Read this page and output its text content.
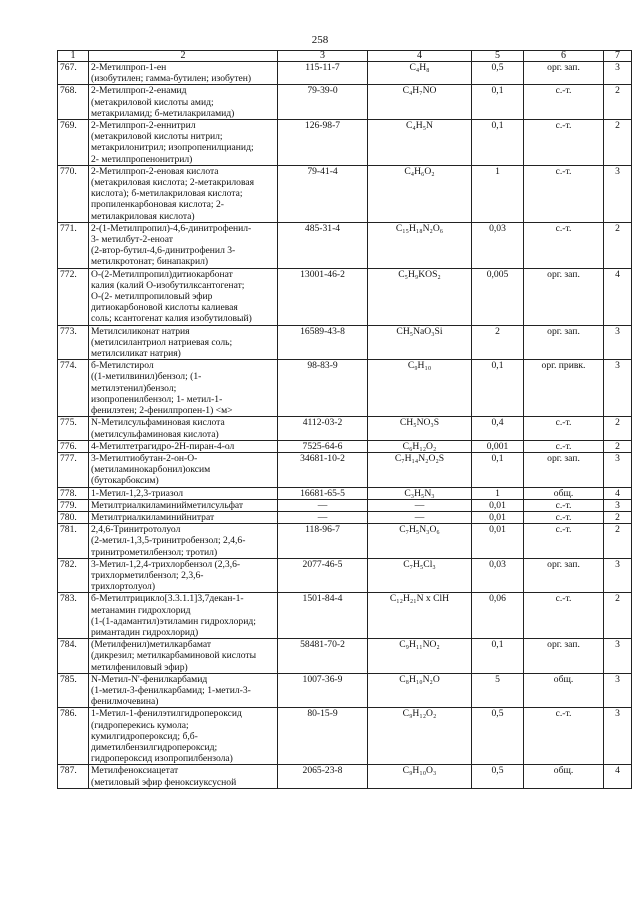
258
1	2	3	4	5	6	7
767.	2-Метилпроп-1-ен
(изобутилен; гамма-бутилен; изобутен)	115-11-7	C₄H₈	0,5	орг. зап.	3
768.	2-Метилпроп-2-енамид
(метакриловой кислоты амид;
метакриламид; б-метилакриламид)	79-39-0	C₄H₇NO	0,1	с.-т.	2
769.	2-Метилпроп-2-еннитрил
(метакриловой кислоты нитрил;
метакрилонитрил; изопропенилцианид;
2- метилпропенонитрил)	126-98-7	C₄H₅N	0,1	с.-т.	2
770.	2-Метилпроп-2-еновая кислота
(метакриловая кислота; 2-метакриловая
кислота); б-метилакриловая кислота;
пропиленкарбоновая кислота; 2-
метилакриловая кислота)	79-41-4	C₄H₆O₂	1	с.-т.	3
771.	2-(1-Метилпропил)-4,6-динитрофенил-
3- метилбут-2-еноат
(2-втор-бутил-4,6-динитрофенил 3-
метилкротонат; бинапакрил)	485-31-4	C₁₅H₁₈N₂O₆	0,03	с.-т.	2
772.	О-(2-Метилпропил)дитиокарбонат
калия (калий О-изобутилксантогенат;
О-(2- метилпропиловый эфир
дитиокарбоновой кислоты калиевая
соль; ксантогенат калия изобутиловый)	13001-46-2	C₅H₉KOS₂	0,005	орг. зап.	4
773.	Метилсиликонат натрия
(метилсилантриол натриевая соль;
метилсиликат натрия)	16589-43-8	CH₅NaO₃Si	2	орг. зап.	3
774.	б-Метилстирол
((1-метилвинил)бензол; (1-
метилэтенил)бензол;
изопропенилбензол; 1- метил-1-
фенилэтен; 2-фенилпропен-1) <м>	98-83-9	C₉H₁₀	0,1	орг. привк.	3
775.	N-Метилсульфаминовая кислота
(метилсульфаминовая кислота)	4112-03-2	CH₅NO₃S	0,4	с.-т.	2
776.	4-Метилтетрагидро-2Н-пиран-4-ол	7525-64-6	C₆H₁₂O₂	0,001	с.-т.	2
777.	3-Метилтиобутан-2-он-О-
(метиламинокарбонил)оксим
(бутокарбоксим)	34681-10-2	C₇H₁₄N₂O₂S	0,1	орг. зап.	3
778.	1-Метил-1,2,3-триазол	16681-65-5	C₃H₅N₃	1	общ.	4
779.	Метилтриалкиламинийметилсульфат	—	—	0,01	с.-т.	3
780.	Метилтриалкиламинийнитрат	—	—	0,01	с.-т.	2
781.	2,4,6-Тринитротолуол
(2-метил-1,3,5-тринитробензол; 2,4,6-
тринитрометилбензол; тротил)	118-96-7	C₇H₅N₃O₆	0,01	с.-т.	2
782.	3-Метил-1,2,4-трихлорбензол (2,3,6-
трихлорметилбензол; 2,3,6-
трихлортолуол)	2077-46-5	C₇H₅Cl₃	0,03	орг. зап.	3
783.	б-Метилтрицикло[3.3.1.1]3,7декан-1-
метанамин гидрохлорид
(1-(1-адамантил)этиламин гидрохлорид;
римантадин гидрохлорид)	1501-84-4	C₁₂H₂₁N x ClH	0,06	с.-т.	2
784.	(Метилфенил)метилкарбамат
(дикрезил; метилкарбаминовой кислоты
метилфениловый эфир)	58481-70-2	C₉H₁₁NO₂	0,1	орг. зап.	3
785.	N-Метил-N'-фенилкарбамид
(1-метил-3-фенилкарбамид; 1-метил-3-
фенилмочевина)	1007-36-9	C₈H₁₀N₂O	5	общ.	3
786.	1-Метил-1-фенилэтилгидропероксид
(гидроперекись кумола;
кумилгидропероксид; б,б-
диметилбензилгидропероксид;
гидропероксид изопропилбензола)	80-15-9	C₉H₁₂O₂	0,5	с.-т.	3
787.	Метилфеноксиацетат
(метиловый эфир феноксиуксусной	2065-23-8	C₉H₁₀O₃	0,5	общ.	4
